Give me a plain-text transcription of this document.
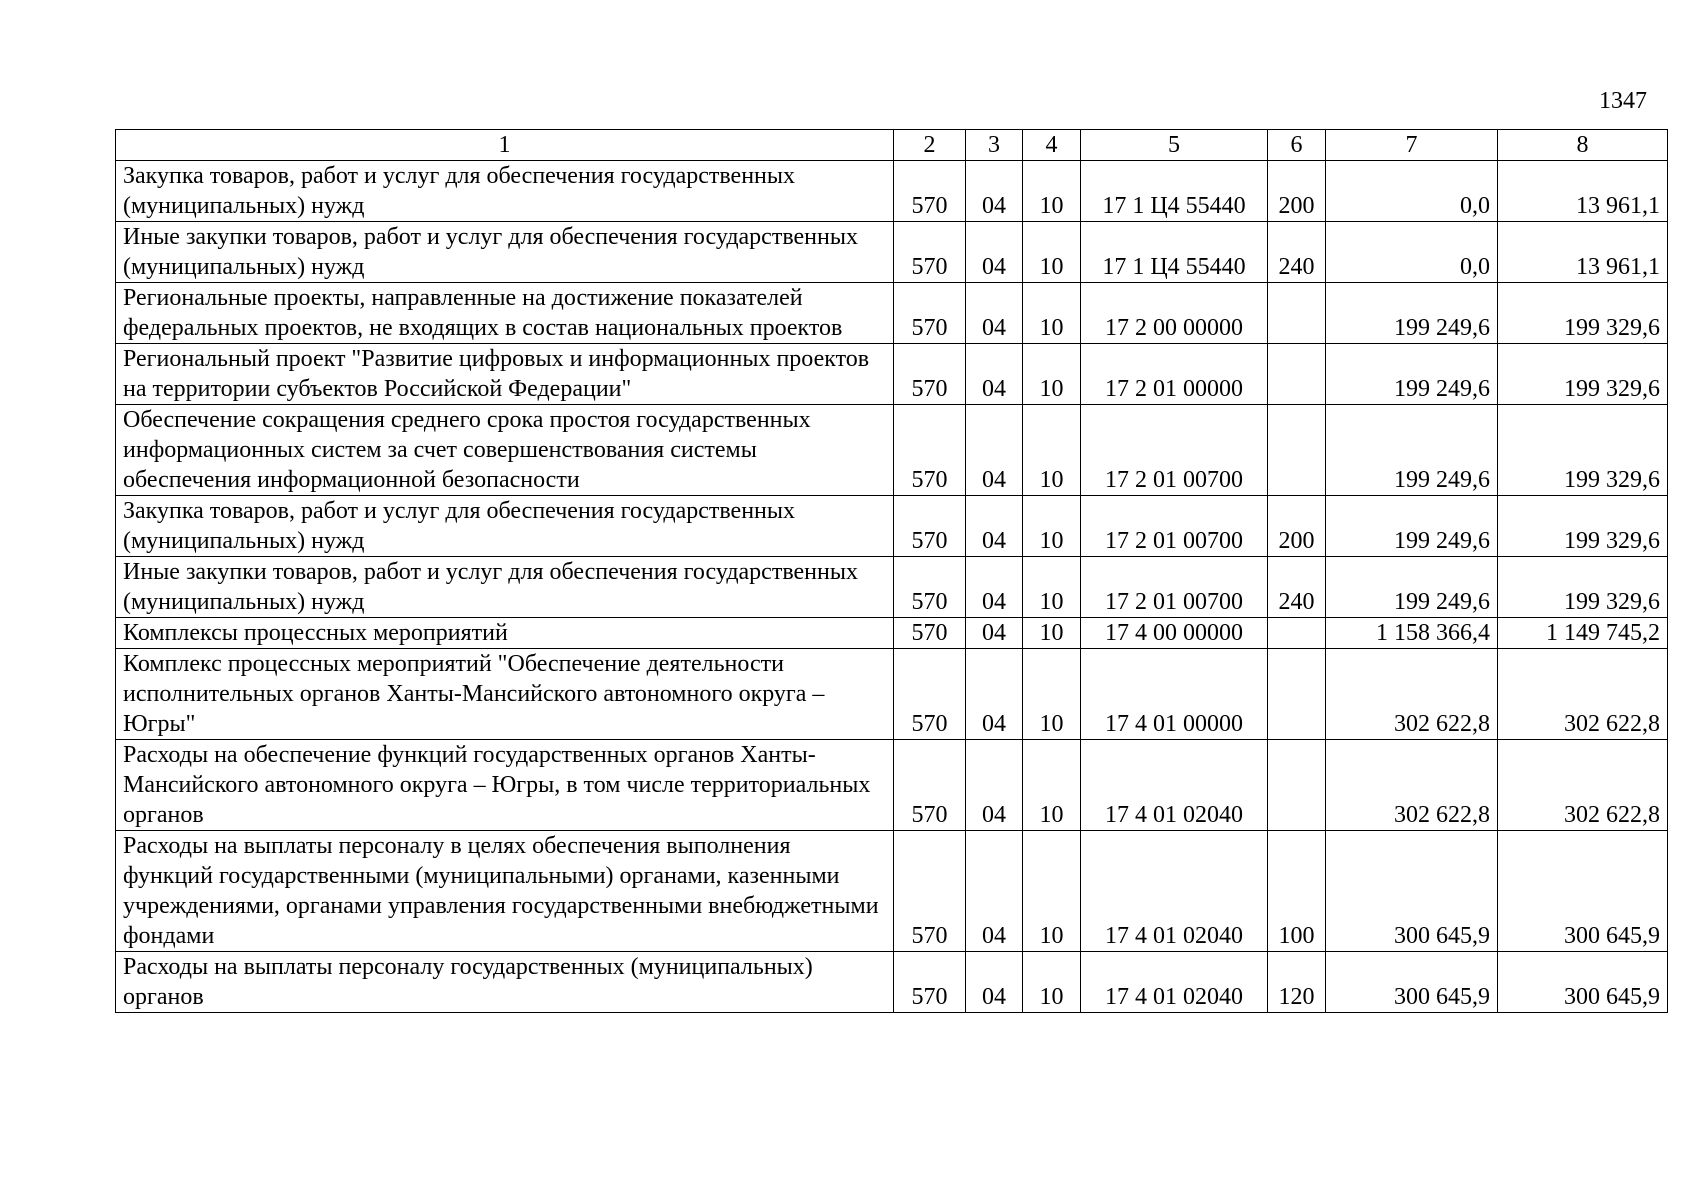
1347
1	2	3	4	5	6	7	8
Закупка товаров, работ и услуг для обеспечения государственных (муниципальных) нужд	570	04	10	17 1 Ц4 55440	200	0,0	13 961,1
Иные закупки товаров, работ и услуг для обеспечения государственных (муниципальных) нужд	570	04	10	17 1 Ц4 55440	240	0,0	13 961,1
Региональные проекты, направленные на достижение показателей федеральных проектов, не входящих в состав национальных проектов	570	04	10	17 2 00 00000		199 249,6	199 329,6
Региональный проект "Развитие цифровых и информационных проектов на территории субъектов Российской Федерации"	570	04	10	17 2 01 00000		199 249,6	199 329,6
Обеспечение сокращения среднего срока простоя государственных информационных систем за счет совершенствования системы обеспечения информационной безопасности	570	04	10	17 2 01 00700		199 249,6	199 329,6
Закупка товаров, работ и услуг для обеспечения государственных (муниципальных) нужд	570	04	10	17 2 01 00700	200	199 249,6	199 329,6
Иные закупки товаров, работ и услуг для обеспечения государственных (муниципальных) нужд	570	04	10	17 2 01 00700	240	199 249,6	199 329,6
Комплексы процессных мероприятий	570	04	10	17 4 00 00000		1 158 366,4	1 149 745,2
Комплекс процессных мероприятий "Обеспечение деятельности исполнительных органов Ханты-Мансийского автономного округа – Югры"	570	04	10	17 4 01 00000		302 622,8	302 622,8
Расходы на обеспечение функций государственных органов Ханты-Мансийского автономного округа – Югры, в том числе территориальных органов	570	04	10	17 4 01 02040		302 622,8	302 622,8
Расходы на выплаты персоналу в целях обеспечения выполнения функций государственными (муниципальными) органами, казенными учреждениями, органами управления государственными внебюджетными фондами	570	04	10	17 4 01 02040	100	300 645,9	300 645,9
Расходы на выплаты персоналу государственных (муниципальных) органов	570	04	10	17 4 01 02040	120	300 645,9	300 645,9
